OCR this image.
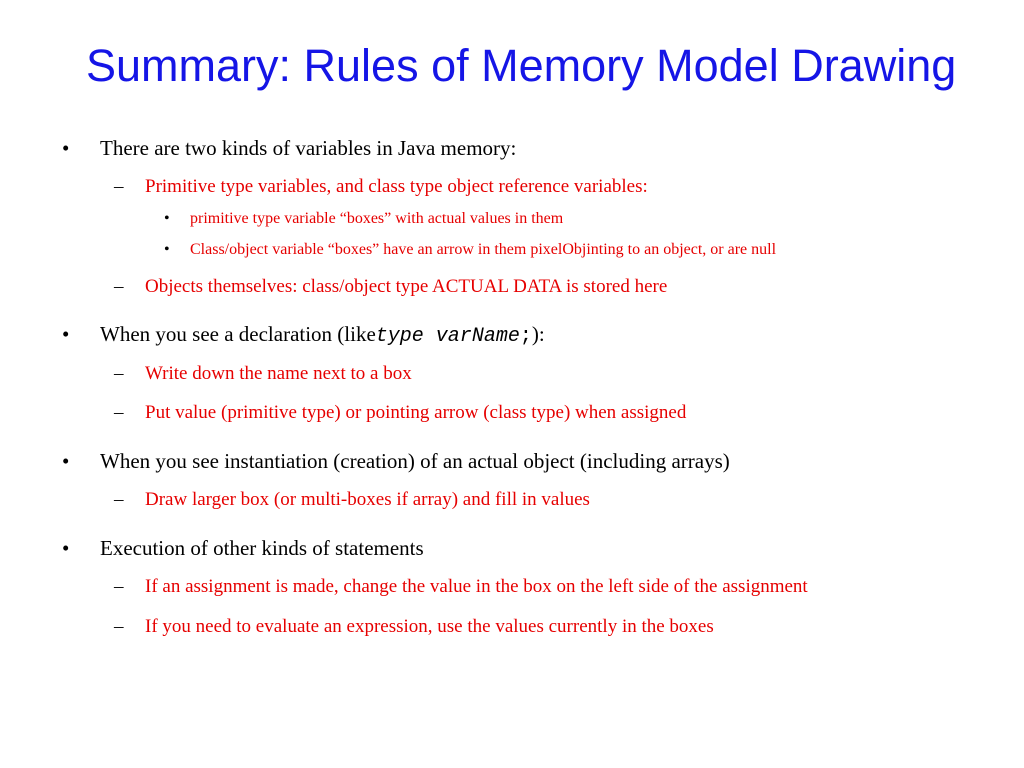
Summary: Rules of Memory Model Drawing
• There are two kinds of variables in Java memory:
– Primitive type variables, and class type object reference variables:
• primitive type variable “boxes” with actual values in them
• Class/object variable “boxes” have an arrow in them pixelObjinting to an object, or are null
– Objects themselves: class/object type ACTUAL DATA is stored here
• When you see a declaration (like type varName ; ):
– Write down the name next to a box
– Put value (primitive type) or pointing arrow (class type) when assigned
• When you see instantiation (creation) of an actual object (including arrays)
– Draw larger box (or multi-boxes if array) and fill in values
• Execution of other kinds of statements
– If an assignment is made, change the value in the box on the left side of the assignment
– If you need to evaluate an expression, use the values currently in the boxes
